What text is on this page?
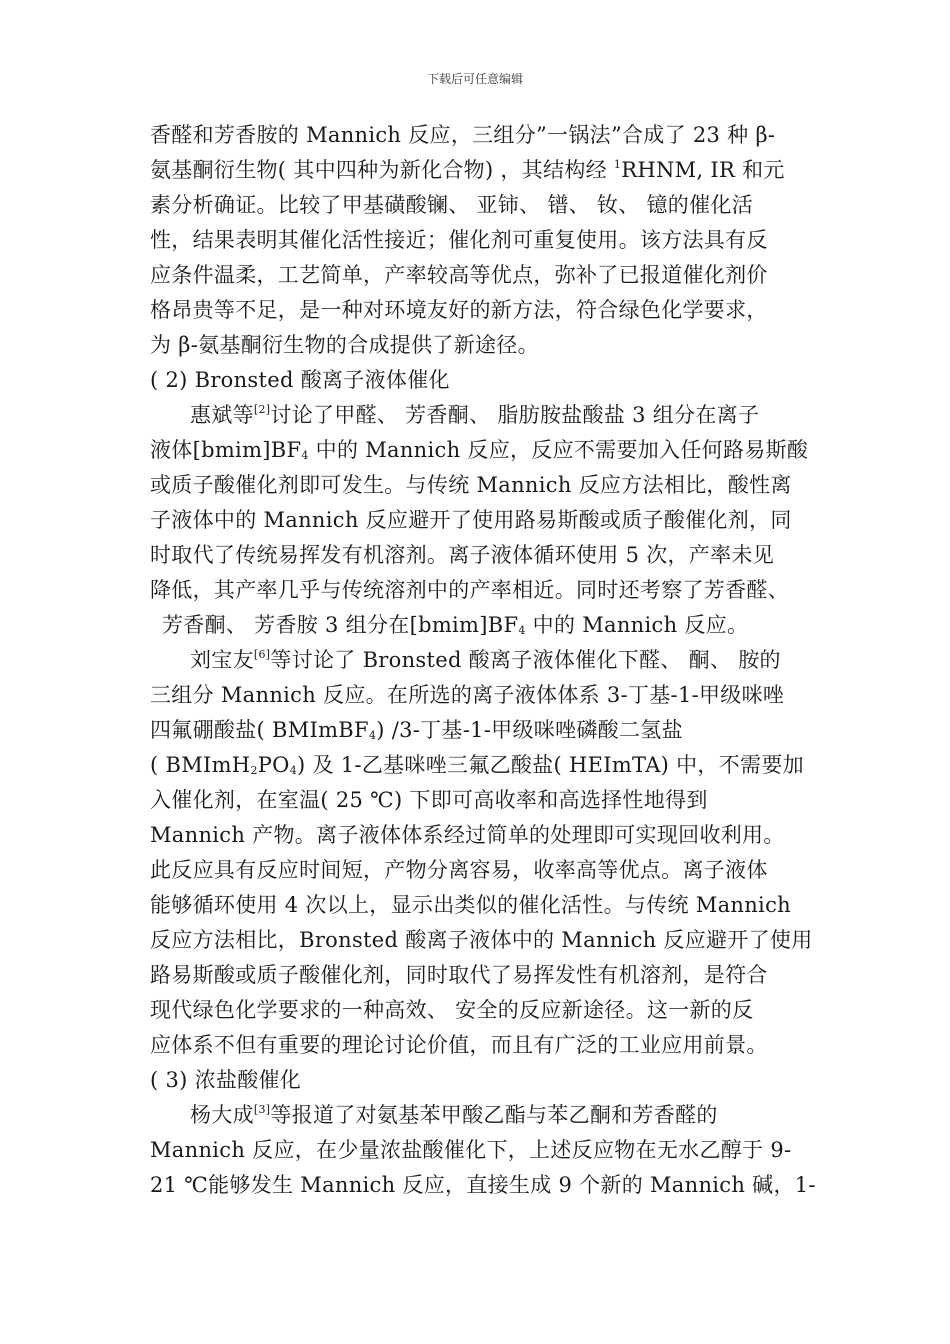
下载后可任意编辑
香醛和芳香胺的 Mannich 反应，三组分”一锅法”合成了 23 种 β-
氨基酮衍生物( 其中四种为新化合物) ，其结构经 $^1$RHNM, IR 和元
素分析确证。比较了甲基磺酸镧、 亚铈、 镨、 钕、 镱的催化活
性，结果表明其催化活性接近；催化剂可重复使用。该方法具有反
应条件温柔，工艺简单，产率较高等优点，弥补了已报道催化剂价
格昂贵等不足，是一种对环境友好的新方法，符合绿色化学要求，
为 β-氨基酮衍生物的合成提供了新途径。
( 2) Bronsted 酸离子液体催化
惠斌等[2]讨论了甲醛、 芳香酮、 脂肪胺盐酸盐 3 组分在离子
液体$[bmim]BF_4$ 中的 Mannich 反应，反应不需要加入任何路易斯酸
或质子酸催化剂即可发生。与传统 Mannich 反应方法相比，酸性离
子液体中的 Mannich 反应避开了使用路易斯酸或质子酸催化剂，同
时取代了传统易挥发有机溶剂。离子液体循环使用 5 次，产率未见
降低，其产率几乎与传统溶剂中的产率相近。同时还考察了芳香醛、
芳香酮、 芳香胺 3 组分在$[bmim]BF_4$ 中的 Mannich 反应。
刘宝友[6]等讨论了 Bronsted 酸离子液体催化下醛、 酮、 胺的
三组分 Mannich 反应。在所选的离子液体体系 3-丁基-1-甲级咪唑
四氟硼酸盐( BMImBF$_4$) /3-丁基-1-甲级咪唑磷酸二氢盐
( $BMImH_2PO_4$) 及 1-乙基咪唑三氟乙酸盐( HEImTA) 中，不需要加
入催化剂，在室温( 25 ℃) 下即可高收率和高选择性地得到
Mannich 产物。离子液体体系经过简单的处理即可实现回收利用。
此反应具有反应时间短，产物分离容易，收率高等优点。离子液体
能够循环使用 4 次以上，显示出类似的催化活性。与传统 Mannich
反应方法相比，Bronsted 酸离子液体中的 Mannich 反应避开了使用
路易斯酸或质子酸催化剂，同时取代了易挥发性有机溶剂，是符合
现代绿色化学要求的一种高效、 安全的反应新途径。这一新的反
应体系不但有重要的理论讨论价值，而且有广泛的工业应用前景。
( 3) 浓盐酸催化
杨大成[3]等报道了对氨基苯甲酸乙酯与苯乙酮和芳香醛的
Mannich 反应，在少量浓盐酸催化下，上述反应物在无水乙醇于 9-
21 ℃能够发生 Mannich 反应，直接生成 9 个新的 Mannich 碱，1-
